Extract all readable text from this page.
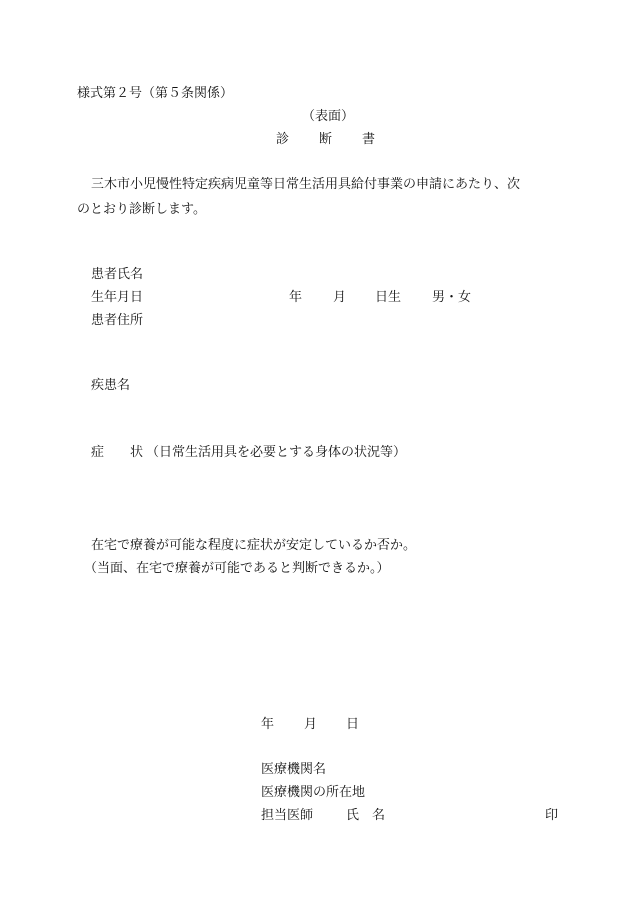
様式第２号（第５条関係）
（表面）
診 断 書
三木市小児慢性特定疾病児童等日常生活用具給付事業の申請にあたり、次
のとおり診断します。
患者氏名
生年月日	年 月 日生 男・女
患者住所
疾患名
症　　状 （日常生活用具を必要とする身体の状況等）
在宅で療養が可能な程度に症状が安定しているか否か。
（当面、在宅で療養が可能であると判断できるか。）
年 月 日
医療機関名
医療機関の所在地
担当医師	氏　名	印
